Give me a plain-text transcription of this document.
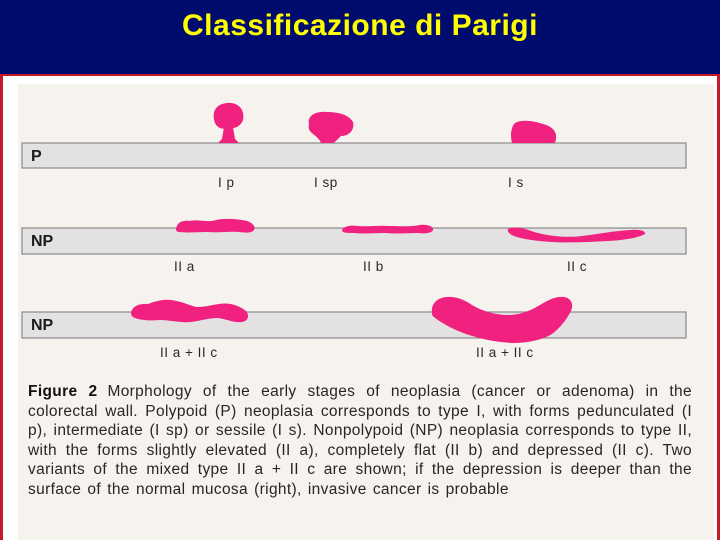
Classificazione di Parigi
P
I p	I sp	I s
NP
II a	II b	II c
NP
II a + II c	II a + II c
Figure 2 Morphology of the early stages of neoplasia (cancer or adenoma) in the colorectal wall. Polypoid (P) neoplasia corresponds to type I, with forms pedunculated (I p), intermediate (I sp) or sessile (I s). Nonpolypoid (NP) neoplasia corresponds to type II, with the forms slightly elevated (II a), completely flat (II b) and depressed (II c). Two variants of the mixed type II a + II c are shown; if the depression is deeper than the surface of the normal mucosa (right), invasive cancer is probable
